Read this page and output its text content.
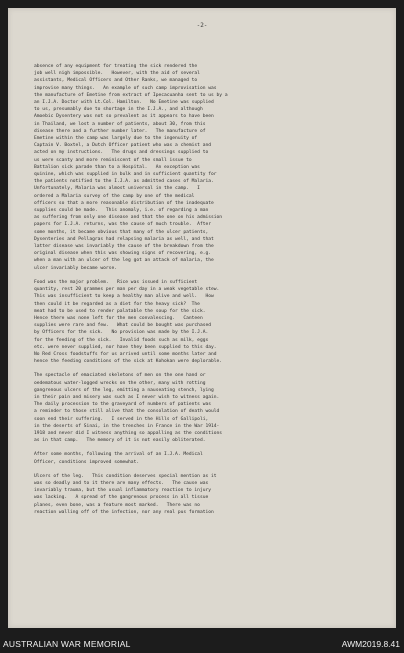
-2-
absence of any equipment for treating the sick rendered the
job well nigh impossible.   However, with the aid of several
assistants, Medical Officers and Other Ranks, we managed to
improvise many things.   An example of such camp improvisation was
the manufacture of Emetine from extract of Ipecacuanha sent to us by a
an I.J.A. Doctor with Lt.Col. Hamilton.   No Emetine was supplied
to us, presumably due to shortage in the I.J.A., and although
Amoebic Dysentery was not so prevalent as it appears to have been
in Thailand, we lost a number of patients, about 30, from this
disease there and a further number later.   The manufacture of
Emetine within the camp was largely due to the ingenuity of
Captain V. Boxtel, a Dutch Officer patient who was a chemist and
acted on my instructions.   The drugs and dressings supplied to
us were scanty and more reminiscent of the small issue to
Battalion sick parade than to a Hospital.   An exception was
quinine, which was supplied in bulk and in sufficient quantity for
the patients notified to the I.J.A. as admitted cases of Malaria.
Unfortunately, Malaria was almost universal in the camp.   I
ordered a Malaria survey of the camp by one of the medical
officers so that a more reasonable distribution of the inadequate
supplies could be made.   This anomaly, i.e. of regarding a man
as suffering from only one disease and that the one on his admission
papers for I.J.A. returns, was the cause of much trouble.  After
some months, it became obvious that many of the ulcer patients,
Dysenteries and Pellagras had relapsing malaria as well, and that
latter disease was invariably the cause of the breakdown from the
original disease when this was showing signs of recovering, e.g.
when a man with an ulcer of the leg got an attack of malaria, the
ulcer invariably became worse.
Food was the major problem.   Rice was issued in sufficient
quantity, rest 20 grammes per man per day in a weak vegetable stew.
This was insufficient to keep a healthy man alive and well.   How
then could it be regarded as a diet for the heavy sick?  The
meat had to be used to render palatable the soup for the sick.
Hence there was none left for the men convalescing.   Canteen
supplies were rare and few.   What could be bought was purchased
by Officers for the sick.   No provision was made by the I.J.A.
for the feeding of the sick.   Invalid foods such as milk, eggs
etc. were never supplied, nor have they been supplied to this day.
No Red Cross foodstuffs for us arrived until some months later and
hence the feeding conditions of the sick at Kohokan were deplorable.
The spectacle of emaciated skeletons of men on the one hand or
oedematous water-logged wrecks on the other, many with rotting
gangrenous ulcers of the leg, emitting a nauseating stench, lying
in their pain and misery was such as I never wish to witness again.
The daily procession to the graveyard of numbers of patients was
a reminder to those still alive that the consolation of death would
soon end their suffering.   I served in the Hills of Gallipoli,
in the deserts of Sinai, in the trenches in France in the War 1914-
1918 and never did I witness anything so appalling as the conditions
as in that camp.   The memory of it is not easily obliterated.
After some months, following the arrival of an I.J.A. Medical
Officer, conditions improved somewhat.
Ulcers of the leg.   This condition deserves special mention as it
was so deadly and to it there are many effects.   The cause was
invariably trauma, but the usual inflammatory reaction to injury
was lacking.   A spread of the gangrenous process in all tissue
planes, even bone, was a feature most marked.   There was no
reaction walling off of the infection, nor any real pus formation
AUSTRALIAN WAR MEMORIAL	AWM2019.8.41
